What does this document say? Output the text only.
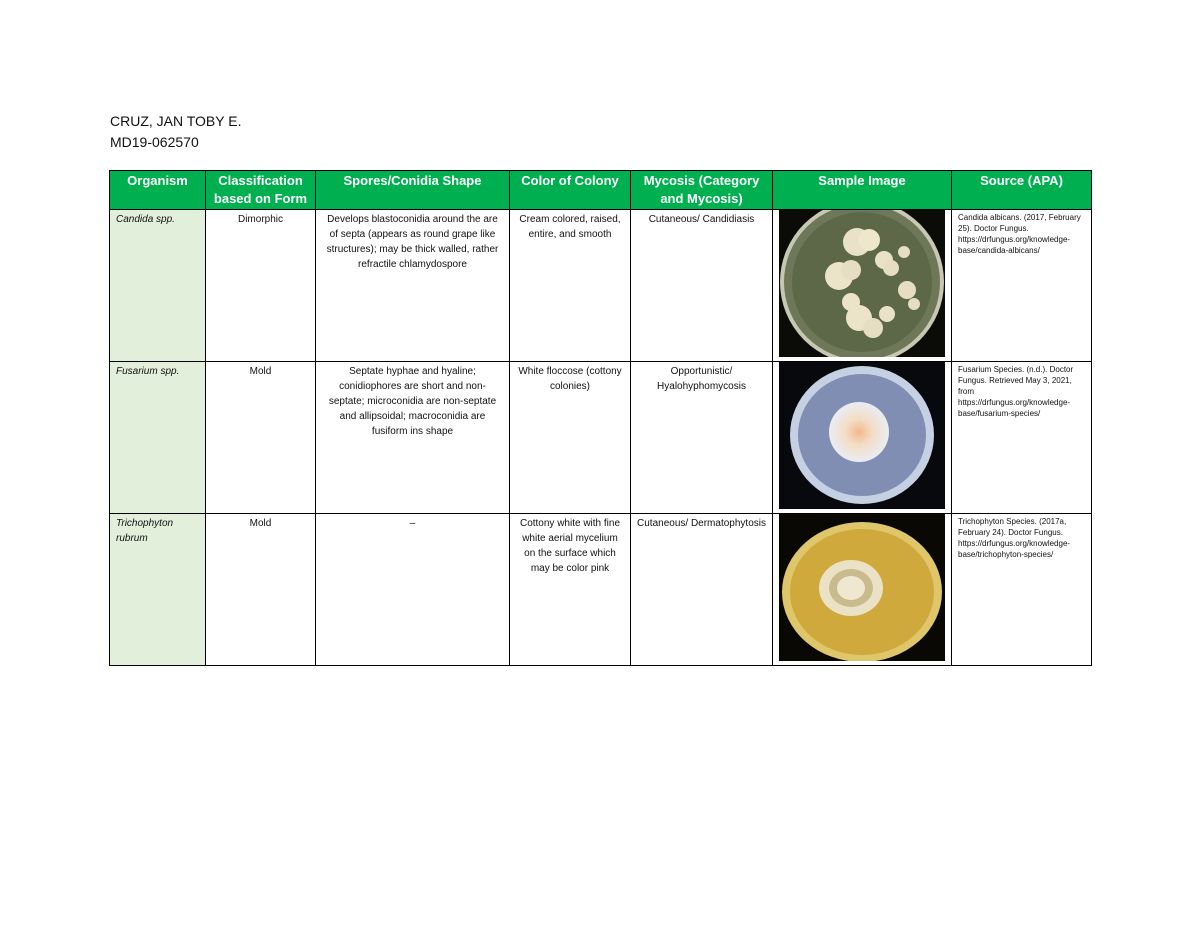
CRUZ, JAN TOBY E.
MD19-062570
Organism	Classification based on Form	Spores/Conidia Shape	Color of Colony	Mycosis (Category and Mycosis)	Sample Image	Source (APA)
Candida spp.	Dimorphic	Develops blastoconidia around the are of septa (appears as round grape like structures); may be thick walled, rather refractile chlamydospore	Cream colored, raised, entire, and smooth	Cutaneous/ Candidiasis		Candida albicans. (2017, February 25). Doctor Fungus. https://drfungus.org/knowledge-base/candida-albicans/
Fusarium spp.	Mold	Septate hyphae and hyaline; conidiophores are short and non-septate; microconidia are non-septate and allipsoidal; macroconidia are fusiform ins shape	White floccose (cottony colonies)	Opportunistic/ Hyalohyphomycosis		Fusarium Species. (n.d.). Doctor Fungus. Retrieved May 3, 2021, from https://drfungus.org/knowledge-base/fusarium-species/
Trichophyton rubrum	Mold	–	Cottony white with fine white aerial mycelium on the surface which may be color pink	Cutaneous/ Dermatophytosis		Trichophyton Species. (2017a, February 24). Doctor Fungus. https://drfungus.org/knowledge-base/trichophyton-species/
